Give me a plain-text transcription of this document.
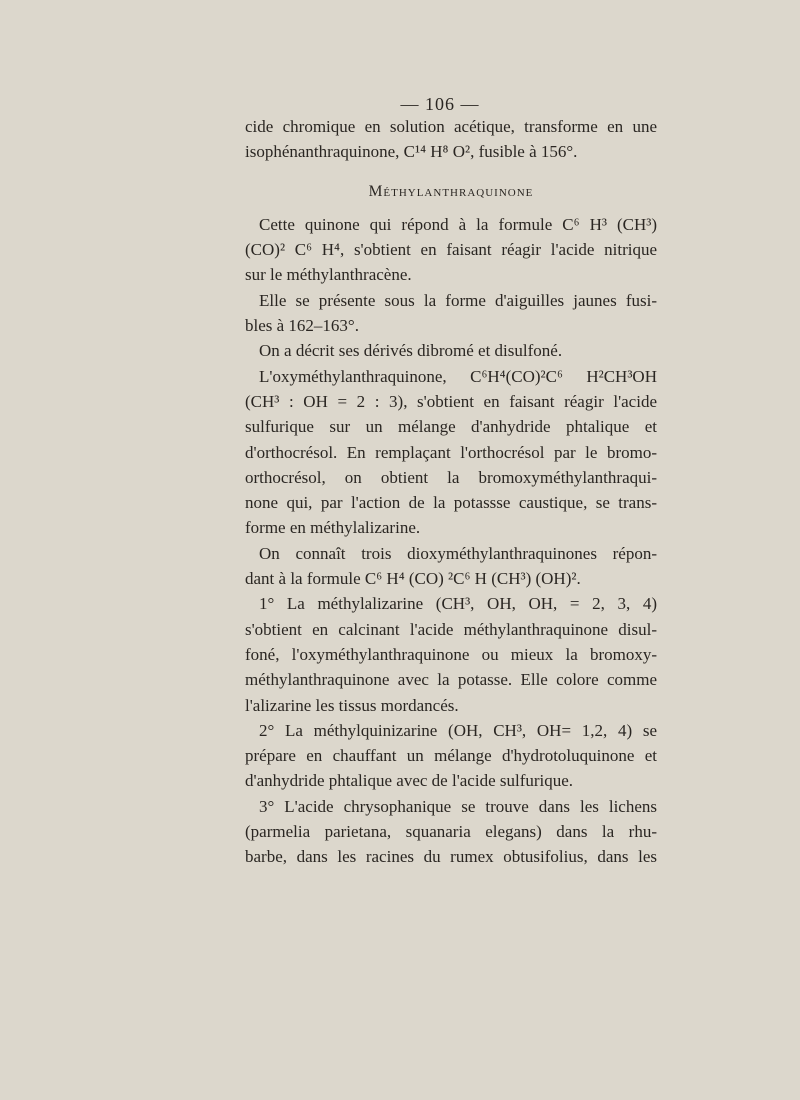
— 106 —

cide chromique en solution acétique, transforme en une

isophénanthraquinone, C¹⁴ H⁸ O², fusible à 156°.

Méthylanthraquinone

Cette quinone qui répond à la formule C⁶ H³ (CH³)

(CO)² C⁶ H⁴, s'obtient en faisant réagir l'acide nitrique

sur le méthylanthracène.

Elle se présente sous la forme d'aiguilles jaunes fusi-

bles à 162–163°.

On a décrit ses dérivés dibromé et disulfoné.

L'oxyméthylanthraquinone, C⁶H⁴(CO)²C⁶ H²CH³OH

(CH³ : OH = 2 : 3), s'obtient en faisant réagir l'acide

sulfurique sur un mélange d'anhydride phtalique et

d'orthocrésol. En remplaçant l'orthocrésol par le bromo-

orthocrésol, on obtient la bromoxyméthylanthraqui-

none qui, par l'action de la potassse caustique, se trans-

forme en méthylalizarine.

On connaît trois dioxyméthylanthraquinones répon-

dant à la formule C⁶ H⁴ (CO) ²C⁶ H (CH³) (OH)².

1° La méthylalizarine (CH³, OH, OH, = 2, 3, 4)

s'obtient en calcinant l'acide méthylanthraquinone disul-

foné, l'oxyméthylanthraquinone ou mieux la bromoxy-

méthylanthraquinone avec la potasse. Elle colore comme

l'alizarine les tissus mordancés.

2° La méthylquinizarine (OH, CH³, OH= 1,2, 4) se

prépare en chauffant un mélange d'hydrotoluquinone et

d'anhydride phtalique avec de l'acide sulfurique.

3° L'acide chrysophanique se trouve dans les lichens

(parmelia parietana, squanaria elegans) dans la rhu-

barbe, dans les racines du rumex obtusifolius, dans les
